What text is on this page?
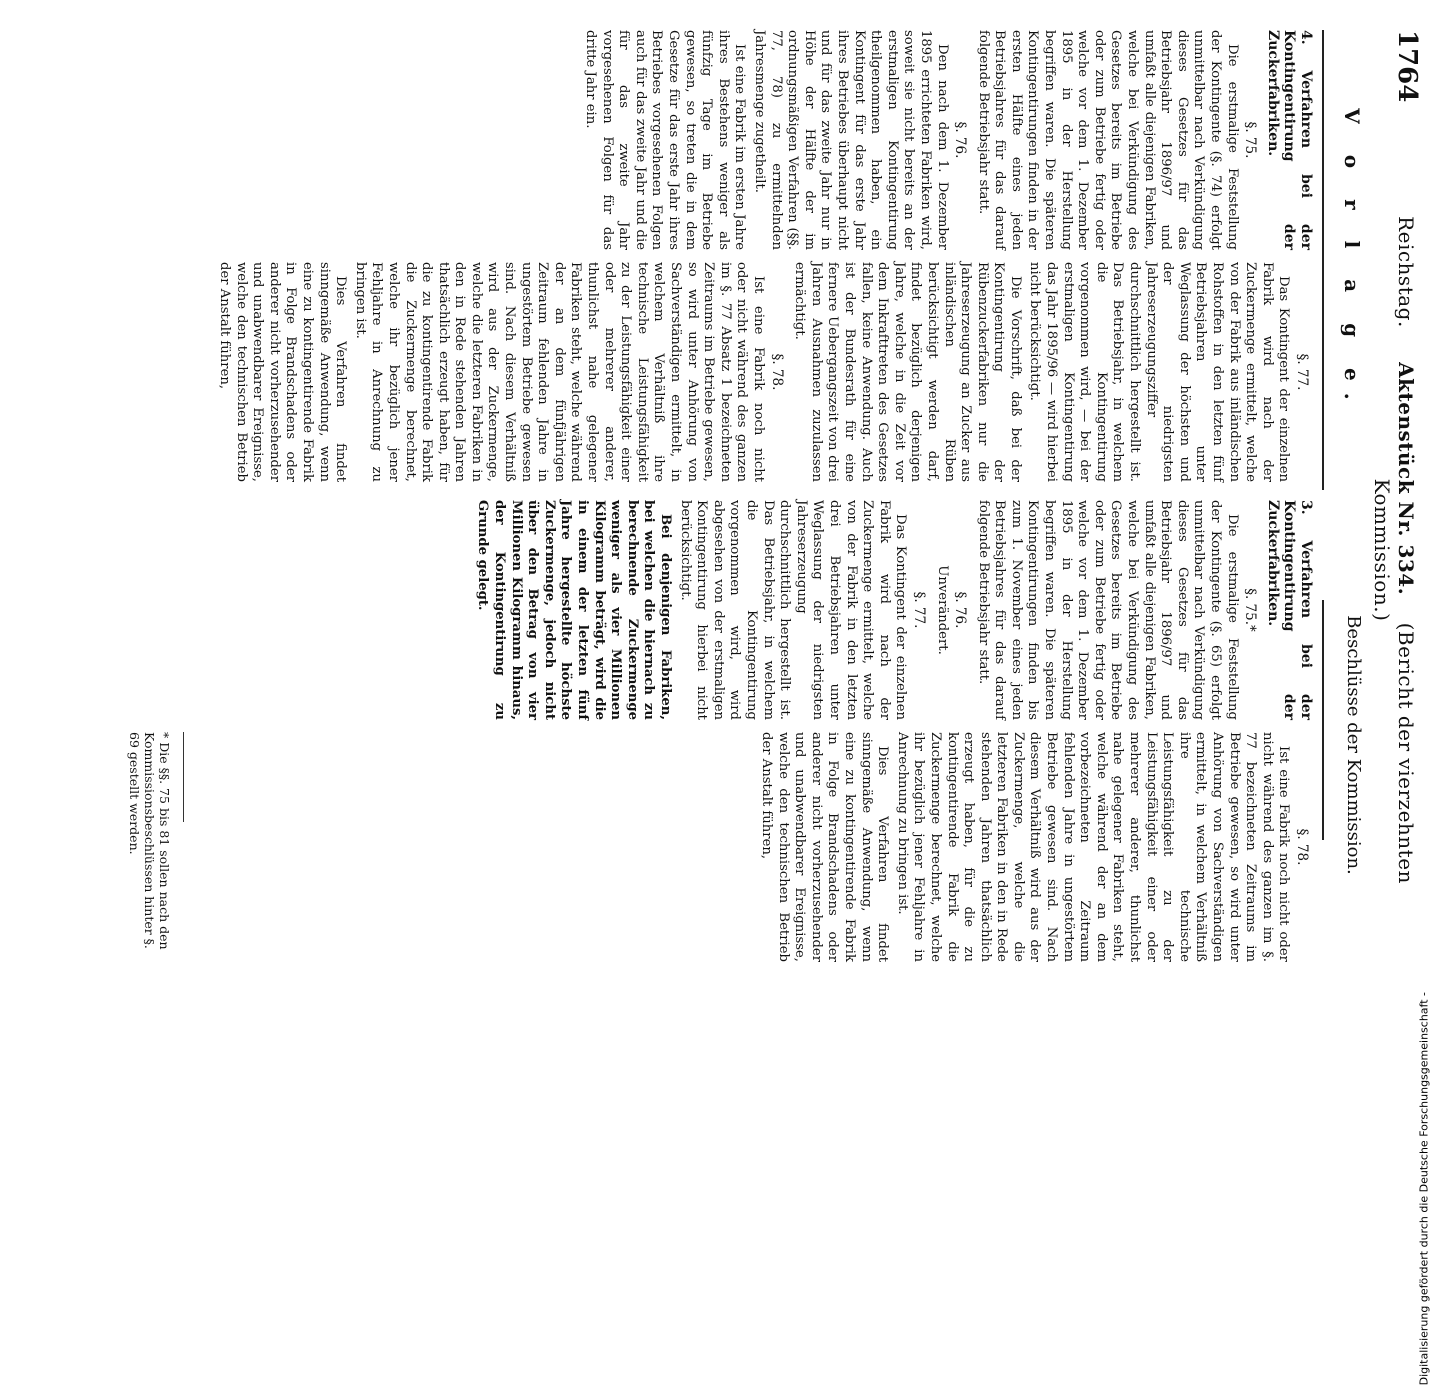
1764
Reichstag.     Aktenstück Nr. 334.    (Bericht der vierzehnten Kommission.)
V o r l a g e.
Beschlüsse der Kommission.
4. Verfahren bei der Kontingentirung der Zuckerfabriken.
§. 75.

Die erstmalige Feststellung der Kontingente (§. 74) erfolgt unmittelbar nach Verkündigung dieses Gesetzes für das Betriebsjahr 1896/97 und umfaßt alle diejenigen Fabriken, welche bei Verkündigung des Gesetzes bereits im Betriebe oder zum Betriebe fertig oder welche vor dem 1. Dezember 1895 in der Herstellung begriffen waren. Die späteren Kontingentirungen finden in der ersten Hälfte eines jeden Betriebsjahres für das darauf folgende Betriebsjahr statt.

§. 76.

Den nach dem 1. Dezember 1895 errichteten Fabriken wird, soweit sie nicht bereits an der erstmaligen Kontingentirung theilgenommen haben, ein Kontingent für das erste Jahr ihres Betriebes überhaupt nicht und für das zweite Jahr nur in Höhe der Hälfte der im ordnungsmäßigen Verfahren (§§. 77, 78) zu ermittelnden Jahresmenge zugetheilt.

Ist eine Fabrik im ersten Jahre ihres Bestehens weniger als fünfzig Tage im Betriebe gewesen, so treten die in dem Gesetze für das erste Jahr ihres Betriebes vorgesehenen Folgen auch für das zweite Jahr und die für das zweite Jahr vorgesehenen Folgen für das dritte Jahr ein.

§. 77.

Das Kontingent der einzelnen Fabrik wird nach der Zuckermenge ermittelt, welche von der Fabrik aus inländischen Rohstoffen in den letzten fünf Betriebsjahren unter Weglassung der höchsten und der niedrigsten Jahreserzeugungsziffer durchschnittlich hergestellt ist. Das Betriebsjahr, in welchem die Kontingentirung vorgenommen wird, — bei der erstmaligen Kontingentirung das Jahr 1895/96 — wird hierbei nicht berücksichtigt.

Die Vorschrift, daß bei der Kontingentirung der Rübenzuckerfabriken nur die Jahreserzeugung an Zucker aus inländischen Rüben berücksichtigt werden darf, findet bezüglich derjenigen Jahre, welche in die Zeit vor dem Inkrafttreten des Gesetzes fallen, keine Anwendung. Auch ist der Bundesrath für eine fernere Uebergangszeit von drei Jahren Ausnahmen zuzulassen ermächtigt.

§. 78.

Ist eine Fabrik noch nicht oder nicht während des ganzen im §. 77 Absatz 1 bezeichneten Zeitraums im Betriebe gewesen, so wird unter Anhörung von Sachverständigen ermittelt, in welchem Verhältniß ihre technische Leistungsfähigkeit zu der Leistungsfähigkeit einer oder mehrerer anderer, thunlichst nahe gelegener Fabriken steht, welche während der an dem fünfjährigen Zeitraum fehlenden Jahre in ungestörtem Betriebe gewesen sind. Nach diesem Verhältniß wird aus der Zuckermenge, welche die letzteren Fabriken in den in Rede stehenden Jahren thatsächlich erzeugt haben, für die zu kontingentirende Fabrik die Zuckermenge berechnet, welche ihr bezüglich jener Fehljahre in Anrechnung zu bringen ist.

Dies Verfahren findet sinngemäße Anwendung, wenn eine zu kontingentirende Fabrik in Folge Brandschadens oder anderer nicht vorherzusehender und unabwendbarer Ereignisse, welche den technischen Betrieb der Anstalt führen,

3. Verfahren bei der Kontingentirung der Zuckerfabriken.
§. 75.*

Die erstmalige Feststellung der Kontingente (§. 65) erfolgt unmittelbar nach Verkündigung dieses Gesetzes für das Betriebsjahr 1896/97 und umfaßt alle diejenigen Fabriken, welche bei Verkündigung des Gesetzes bereits im Betriebe oder zum Betriebe fertig oder welche vor dem 1. Dezember 1895 in der Herstellung begriffen waren. Die späteren Kontingentirungen finden bis zum 1. November eines jeden Betriebsjahres für das darauf folgende Betriebsjahr statt.

§. 76.
Unverändert.
§. 77.

Das Kontingent der einzelnen Fabrik wird nach der Zuckermenge ermittelt, welche von der Fabrik in den letzten drei Betriebsjahren unter Weglassung der niedrigsten Jahreserzeugung durchschnittlich hergestellt ist. Das Betriebsjahr, in welchem die Kontingentirung vorgenommen wird, wird abgesehen von der erstmaligen Kontingentirung hierbei nicht berücksichtigt.

Bei denjenigen Fabriken, bei welchen die hiernach zu berechnende Zuckermenge weniger als vier Millionen Kilogramm beträgt, wird die in einem der letzten fünf Jahre hergestellte höchste Zuckermenge, jedoch nicht über den Betrag von vier Millionen Kilogramm hinaus, der Kontingentirung zu Grunde gelegt.

§. 78.

Ist eine Fabrik noch nicht oder nicht während des ganzen im §. 77 bezeichneten Zeitraums im Betriebe gewesen, so wird unter Anhörung von Sachverständigen ermittelt, in welchem Verhältniß ihre technische Leistungsfähigkeit zu der Leistungsfähigkeit einer oder mehrerer anderer, thunlichst nahe gelegener Fabriken steht, welche während der an dem vorbezeichneten Zeitraum fehlenden Jahre in ungestörtem Betriebe gewesen sind. Nach diesem Verhältniß wird aus der Zuckermenge, welche die letzteren Fabriken in den in Rede stehenden Jahren thatsächlich erzeugt haben, für die zu kontingentirende Fabrik die Zuckermenge berechnet, welche ihr bezüglich jener Fehljahre in Anrechnung zu bringen ist.

Dies Verfahren findet sinngemäße Anwendung, wenn eine zu kontingentirende Fabrik in Folge Brandschadens oder anderer nicht vorherzusehender und unabwendbarer Ereignisse, welche den technischen Betrieb der Anstalt führen,

* Die §§. 75 bis 81 sollen nach den Kommissionsbeschlüssen hinter §. 69 gestellt werden.
Digitalisierung gefördert durch die Deutsche Forschungsgemeinschaft -
